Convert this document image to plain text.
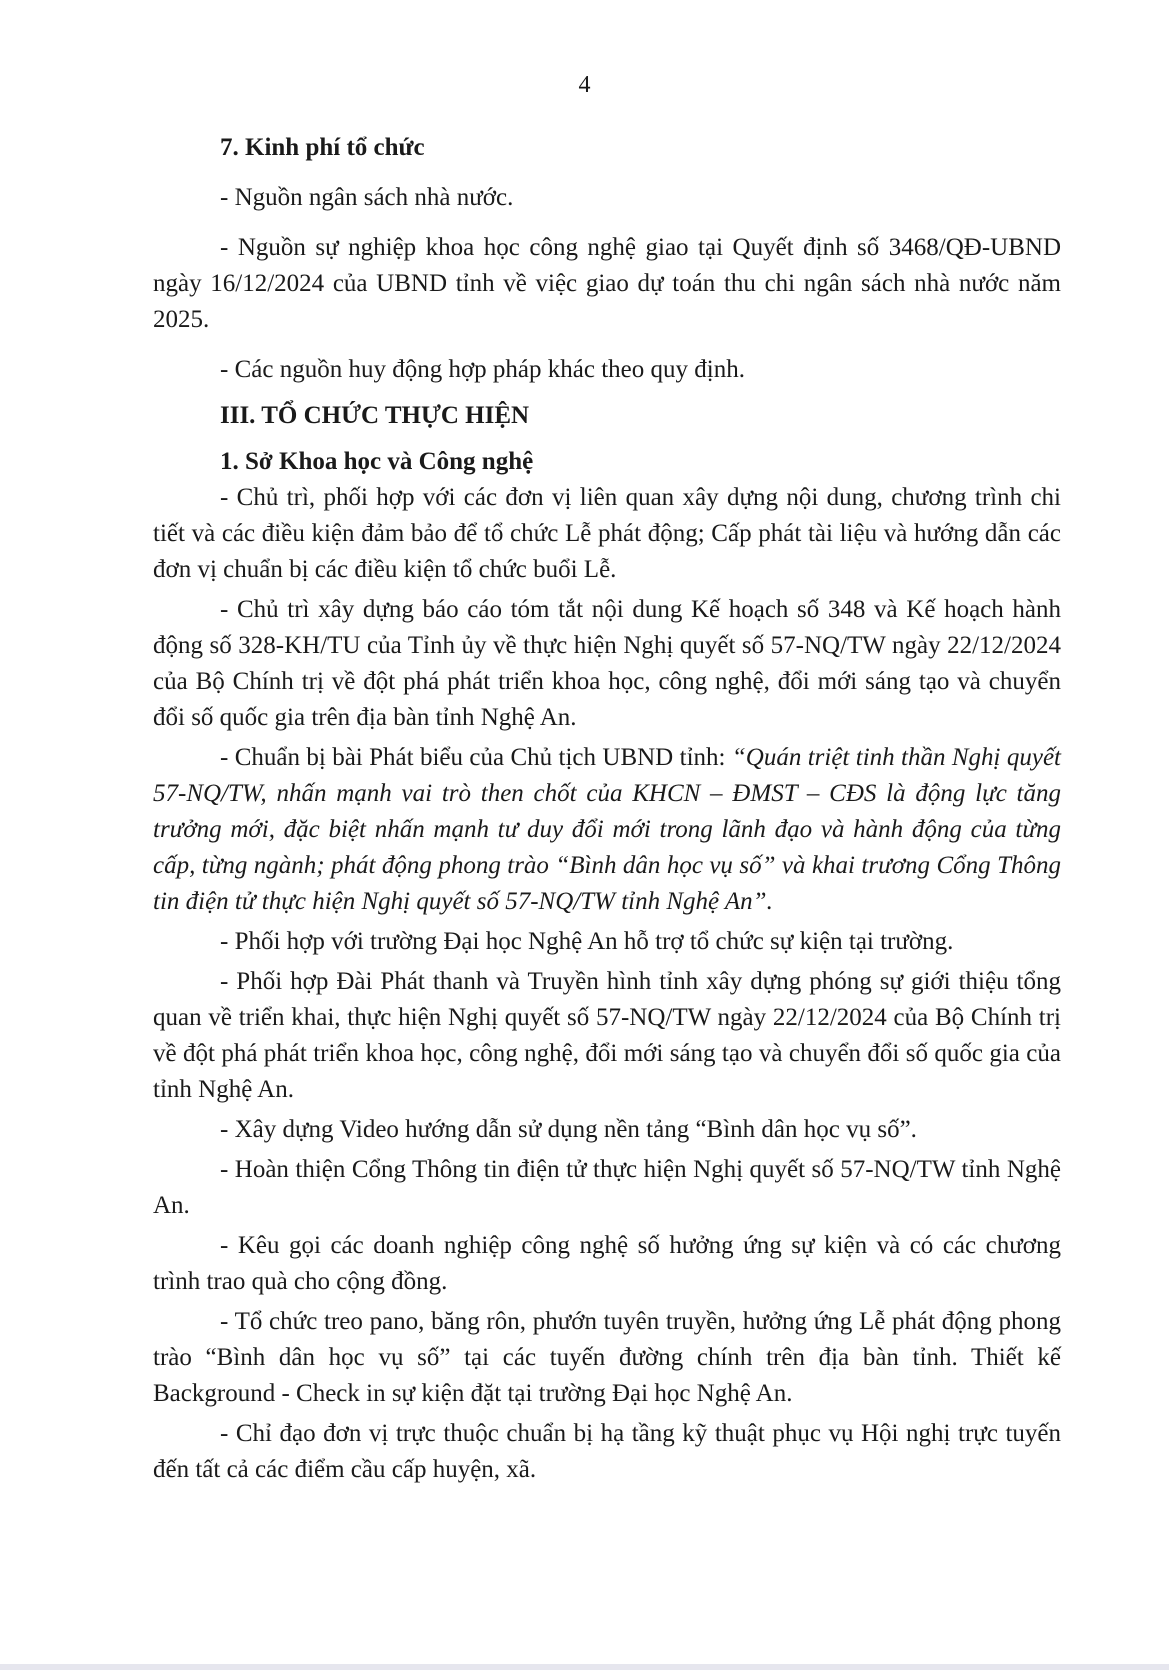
4

7. Kinh phí tổ chức

- Nguồn ngân sách nhà nước.

- Nguồn sự nghiệp khoa học công nghệ giao tại Quyết định số 3468/QĐ-UBND ngày 16/12/2024 của UBND tỉnh về việc giao dự toán thu chi ngân sách nhà nước năm 2025.

- Các nguồn huy động hợp pháp khác theo quy định.

III. TỔ CHỨC THỰC HIỆN

1. Sở Khoa học và Công nghệ

- Chủ trì, phối hợp với các đơn vị liên quan xây dựng nội dung, chương trình chi tiết và các điều kiện đảm bảo để tổ chức Lễ phát động; Cấp phát tài liệu và hướng dẫn các đơn vị chuẩn bị các điều kiện tổ chức buổi Lễ.

- Chủ trì xây dựng báo cáo tóm tắt nội dung Kế hoạch số 348 và Kế hoạch hành động số 328-KH/TU của Tỉnh ủy về thực hiện Nghị quyết số 57-NQ/TW ngày 22/12/2024 của Bộ Chính trị về đột phá phát triển khoa học, công nghệ, đổi mới sáng tạo và chuyển đổi số quốc gia trên địa bàn tỉnh Nghệ An.

- Chuẩn bị bài Phát biểu của Chủ tịch UBND tỉnh: “Quán triệt tinh thần Nghị quyết 57-NQ/TW, nhấn mạnh vai trò then chốt của KHCN – ĐMST – CĐS là động lực tăng trưởng mới, đặc biệt nhấn mạnh tư duy đổi mới trong lãnh đạo và hành động của từng cấp, từng ngành; phát động phong trào “Bình dân học vụ số” và khai trương Cổng Thông tin điện tử thực hiện Nghị quyết số 57-NQ/TW tỉnh Nghệ An”.

- Phối hợp với trường Đại học Nghệ An hỗ trợ tổ chức sự kiện tại trường.

- Phối hợp Đài Phát thanh và Truyền hình tỉnh xây dựng phóng sự giới thiệu tổng quan về triển khai, thực hiện Nghị quyết số 57-NQ/TW ngày 22/12/2024 của Bộ Chính trị về đột phá phát triển khoa học, công nghệ, đổi mới sáng tạo và chuyển đổi số quốc gia của tỉnh Nghệ An.

- Xây dựng Video hướng dẫn sử dụng nền tảng “Bình dân học vụ số”.

- Hoàn thiện Cổng Thông tin điện tử thực hiện Nghị quyết số 57-NQ/TW tỉnh Nghệ An.

- Kêu gọi các doanh nghiệp công nghệ số hưởng ứng sự kiện và có các chương trình trao quà cho cộng đồng.

- Tổ chức treo pano, băng rôn, phướn tuyên truyền, hưởng ứng Lễ phát động phong trào “Bình dân học vụ số” tại các tuyến đường chính trên địa bàn tỉnh. Thiết kế Background - Check in sự kiện đặt tại trường Đại học Nghệ An.

- Chỉ đạo đơn vị trực thuộc chuẩn bị hạ tầng kỹ thuật phục vụ Hội nghị trực tuyến đến tất cả các điểm cầu cấp huyện, xã.
